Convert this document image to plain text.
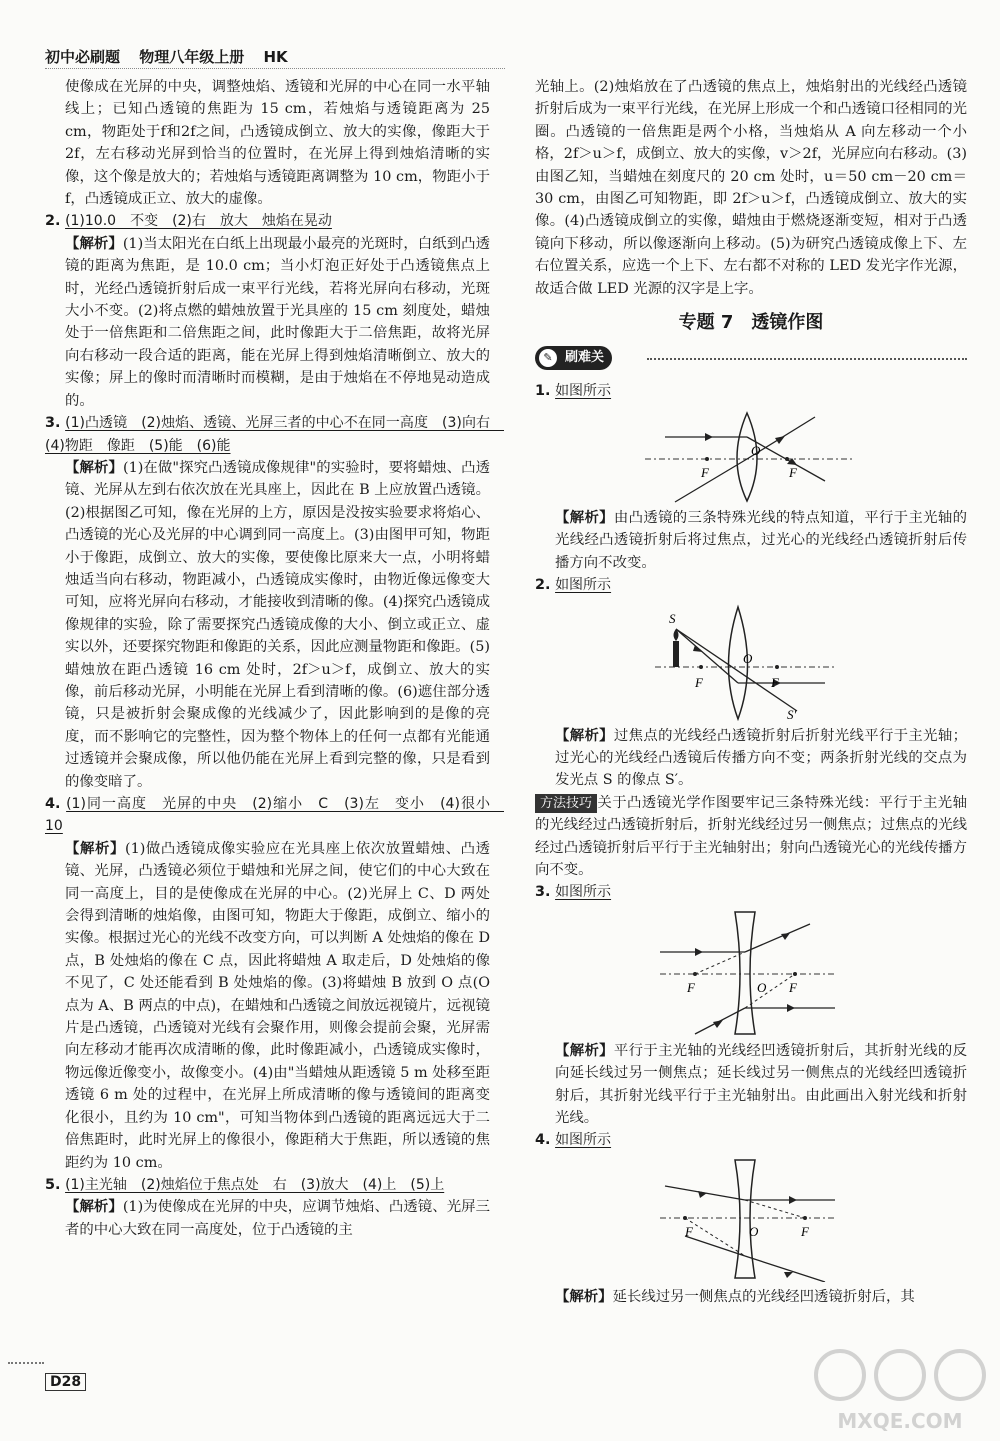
初中必刷题 物理八年级上册 HK

使像成在光屏的中央，调整烛焰、透镜和光屏的中心在同一水平轴线上；已知凸透镜的焦距为 15 cm，若烛焰与透镜距离为 25 cm，物距处于f和2f之间，凸透镜成倒立、放大的实像，像距大于 2f，左右移动光屏到恰当的位置时，在光屏上得到烛焰清晰的实像，这个像是放大的；若烛焰与透镜距离调整为 10 cm，物距小于f，凸透镜成正立、放大的虚像。

2. (1)10.0　不变　(2)右　放大　烛焰在晃动

【解析】(1)当太阳光在白纸上出现最小最亮的光斑时，白纸到凸透镜的距离为焦距，是 10.0 cm；当小灯泡正好处于凸透镜焦点上时，光经凸透镜折射后成一束平行光线，若将光屏向右移动，光斑大小不变。(2)将点燃的蜡烛放置于光具座的 15 cm 刻度处，蜡烛处于一倍焦距和二倍焦距之间，此时像距大于二倍焦距，故将光屏向右移动一段合适的距离，能在光屏上得到烛焰清晰倒立、放大的实像；屏上的像时而清晰时而模糊，是由于烛焰在不停地晃动造成的。

3. (1)凸透镜　(2)烛焰、透镜、光屏三者的中心不在同一高度　(3)向右　(4)物距　像距　(5)能　(6)能

【解析】(1)在做"探究凸透镜成像规律"的实验时，要将蜡烛、凸透镜、光屏从左到右依次放在光具座上，因此在 B 上应放置凸透镜。(2)根据图乙可知，像在光屏的上方，原因是没按实验要求将焰心、凸透镜的光心及光屏的中心调到同一高度上。(3)由图甲可知，物距小于像距，成倒立、放大的实像，要使像比原来大一点，小明将蜡烛适当向右移动，物距减小，凸透镜成实像时，由物近像远像变大可知，应将光屏向右移动，才能接收到清晰的像。(4)探究凸透镜成像规律的实验，除了需要探究凸透镜成像的大小、倒立或正立、虚实以外，还要探究物距和像距的关系，因此应测量物距和像距。(5)蜡烛放在距凸透镜 16 cm 处时，2f＞u＞f，成倒立、放大的实像，前后移动光屏，小明能在光屏上看到清晰的像。(6)遮住部分透镜，只是被折射会聚成像的光线减少了，因此影响到的是像的亮度，而不影响它的完整性，因为整个物体上的任何一点都有光能通过透镜并会聚成像，所以他仍能在光屏上看到完整的像，只是看到的像变暗了。

4. (1)同一高度　光屏的中央　(2)缩小　C　(3)左　变小　(4)很小　10

【解析】(1)做凸透镜成像实验应在光具座上依次放置蜡烛、凸透镜、光屏，凸透镜必须位于蜡烛和光屏之间，使它们的中心大致在同一高度上，目的是使像成在光屏的中心。(2)光屏上 C、D 两处会得到清晰的烛焰像，由图可知，物距大于像距，成倒立、缩小的实像。根据过光心的光线不改变方向，可以判断 A 处烛焰的像在 D 点，B 处烛焰的像在 C 点，因此将蜡烛 A 取走后，D 处烛焰的像不见了，C 处还能看到 B 处烛焰的像。(3)将蜡烛 B 放到 O 点(O 点为 A、B 两点的中点)，在蜡烛和凸透镜之间放远视镜片，远视镜片是凸透镜，凸透镜对光线有会聚作用，则像会提前会聚，光屏需向左移动才能再次成清晰的像，此时像距减小，凸透镜成实像时，物远像近像变小，故像变小。(4)由"当蜡烛从距透镜 5 m 处移至距透镜 6 m 处的过程中，在光屏上所成清晰的像与透镜间的距离变化很小，且约为 10 cm"，可知当物体到凸透镜的距离远远大于二倍焦距时，此时光屏上的像很小，像距稍大于焦距，所以透镜的焦距约为 10 cm。

5. (1)主光轴　(2)烛焰位于焦点处　右　(3)放大　(4)上　(5)上

【解析】(1)为使像成在光屏的中央，应调节烛焰、凸透镜、光屏三者的中心大致在同一高度处，位于凸透镜的主

光轴上。(2)烛焰放在了凸透镜的焦点上，烛焰射出的光线经凸透镜折射后成为一束平行光线，在光屏上形成一个和凸透镜口径相同的光圈。凸透镜的一倍焦距是两个小格，当烛焰从 A 向左移动一个小格，2f＞u＞f，成倒立、放大的实像，v＞2f，光屏应向右移动。(3)由图乙知，当蜡烛在刻度尺的 20 cm 处时，u＝50 cm－20 cm＝30 cm，由图乙可知物距，即 2f＞u＞f，凸透镜成倒立、放大的实像。(4)凸透镜成倒立的实像，蜡烛由于燃烧逐渐变短，相对于凸透镜向下移动，所以像逐渐向上移动。(5)为研究凸透镜成像上下、左右位置关系，应选一个上下、左右都不对称的 LED 发光字作光源，故适合做 LED 光源的汉字是上字。

专题 7　透镜作图
✎ 刷难关

1. 如图所示

F
O
F

【解析】由凸透镜的三条特殊光线的特点知道，平行于主光轴的光线经凸透镜折射后将过焦点，过光心的光线经凸透镜折射后传播方向不改变。

2. 如图所示

S
F
O
F
S′

【解析】过焦点的光线经凸透镜折射后折射光线平行于主光轴；过光心的光线经凸透镜后传播方向不变；两条折射光线的交点为发光点 S 的像点 S′。

方法技巧 关于凸透镜光学作图要牢记三条特殊光线：平行于主光轴的光线经过凸透镜折射后，折射光线经过另一侧焦点；过焦点的光线经过凸透镜折射后平行于主光轴射出；射向凸透镜光心的光线传播方向不变。

3. 如图所示

F	O F

【解析】平行于主光轴的光线经凹透镜折射后，其折射光线的反向延长线过另一侧焦点；延长线过另一侧焦点的光线经凹透镜折射后，其折射光线平行于主光轴射出。由此画出入射光线和折射光线。

4. 如图所示

F	O	F

【解析】延长线过另一侧焦点的光线经凹透镜折射后，其

D28
MXQE.COM
